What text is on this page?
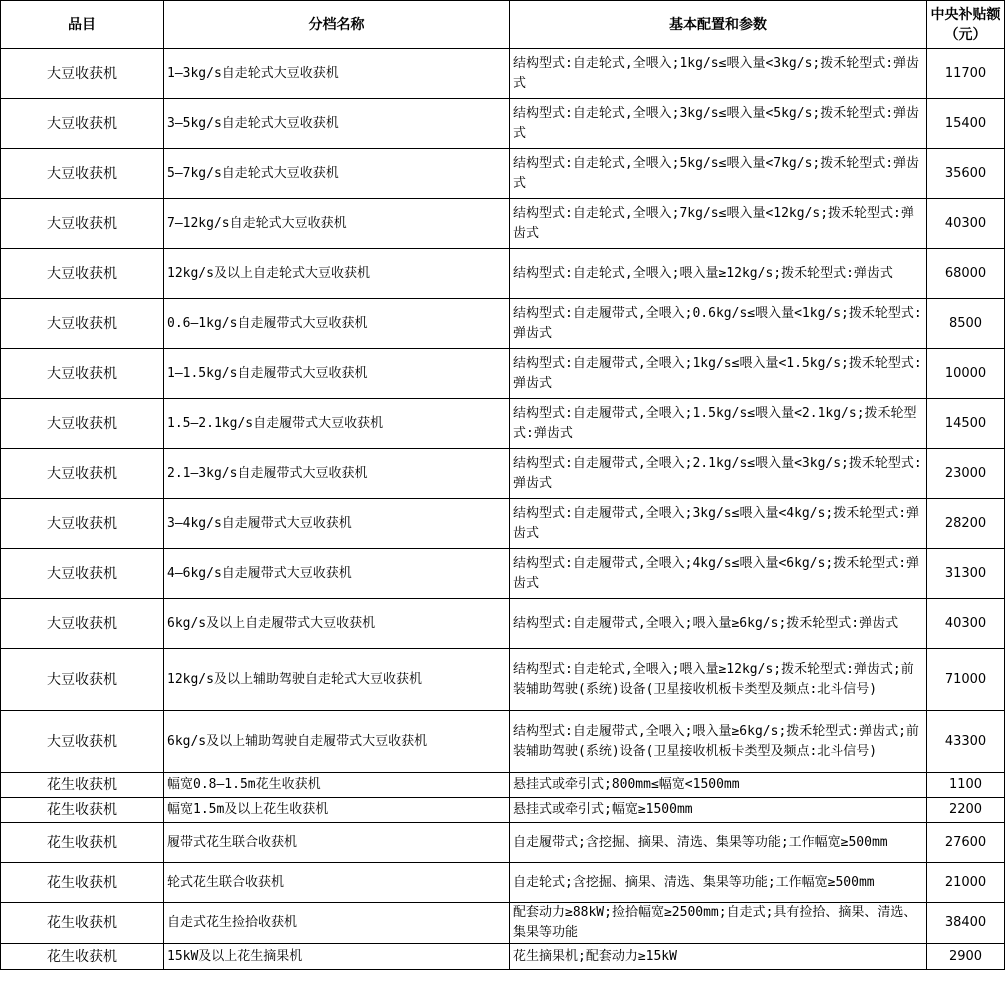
品目	分档名称	基本配置和参数	中央补贴额（元）
大豆收获机	1—3kg/s自走轮式大豆收获机	结构型式:自走轮式,全喂入;1kg/s≤喂入量<3kg/s;拨禾轮型式:弹齿式	11700
大豆收获机	3—5kg/s自走轮式大豆收获机	结构型式:自走轮式,全喂入;3kg/s≤喂入量<5kg/s;拨禾轮型式:弹齿式	15400
大豆收获机	5—7kg/s自走轮式大豆收获机	结构型式:自走轮式,全喂入;5kg/s≤喂入量<7kg/s;拨禾轮型式:弹齿式	35600
大豆收获机	7—12kg/s自走轮式大豆收获机	结构型式:自走轮式,全喂入;7kg/s≤喂入量<12kg/s;拨禾轮型式:弹齿式	40300
大豆收获机	12kg/s及以上自走轮式大豆收获机	结构型式:自走轮式,全喂入;喂入量≥12kg/s;拨禾轮型式:弹齿式	68000
大豆收获机	0.6—1kg/s自走履带式大豆收获机	结构型式:自走履带式,全喂入;0.6kg/s≤喂入量<1kg/s;拨禾轮型式:弹齿式	8500
大豆收获机	1—1.5kg/s自走履带式大豆收获机	结构型式:自走履带式,全喂入;1kg/s≤喂入量<1.5kg/s;拨禾轮型式:弹齿式	10000
大豆收获机	1.5—2.1kg/s自走履带式大豆收获机	结构型式:自走履带式,全喂入;1.5kg/s≤喂入量<2.1kg/s;拨禾轮型式:弹齿式	14500
大豆收获机	2.1—3kg/s自走履带式大豆收获机	结构型式:自走履带式,全喂入;2.1kg/s≤喂入量<3kg/s;拨禾轮型式:弹齿式	23000
大豆收获机	3—4kg/s自走履带式大豆收获机	结构型式:自走履带式,全喂入;3kg/s≤喂入量<4kg/s;拨禾轮型式:弹齿式	28200
大豆收获机	4—6kg/s自走履带式大豆收获机	结构型式:自走履带式,全喂入;4kg/s≤喂入量<6kg/s;拨禾轮型式:弹齿式	31300
大豆收获机	6kg/s及以上自走履带式大豆收获机	结构型式:自走履带式,全喂入;喂入量≥6kg/s;拨禾轮型式:弹齿式	40300
大豆收获机	12kg/s及以上辅助驾驶自走轮式大豆收获机	结构型式:自走轮式,全喂入;喂入量≥12kg/s;拨禾轮型式:弹齿式;前装辅助驾驶(系统)设备(卫星接收机板卡类型及频点:北斗信号)	71000
大豆收获机	6kg/s及以上辅助驾驶自走履带式大豆收获机	结构型式:自走履带式,全喂入;喂入量≥6kg/s;拨禾轮型式:弹齿式;前装辅助驾驶(系统)设备(卫星接收机板卡类型及频点:北斗信号)	43300
花生收获机	幅宽0.8—1.5m花生收获机	悬挂式或牵引式;800mm≤幅宽<1500mm	1100
花生收获机	幅宽1.5m及以上花生收获机	悬挂式或牵引式;幅宽≥1500mm	2200
花生收获机	履带式花生联合收获机	自走履带式;含挖掘、摘果、清选、集果等功能;工作幅宽≥500mm	27600
花生收获机	轮式花生联合收获机	自走轮式;含挖掘、摘果、清选、集果等功能;工作幅宽≥500mm	21000
花生收获机	自走式花生捡拾收获机	配套动力≥88kW;捡拾幅宽≥2500mm;自走式;具有捡拾、摘果、清选、集果等功能	38400
花生收获机	15kW及以上花生摘果机	花生摘果机;配套动力≥15kW	2900
